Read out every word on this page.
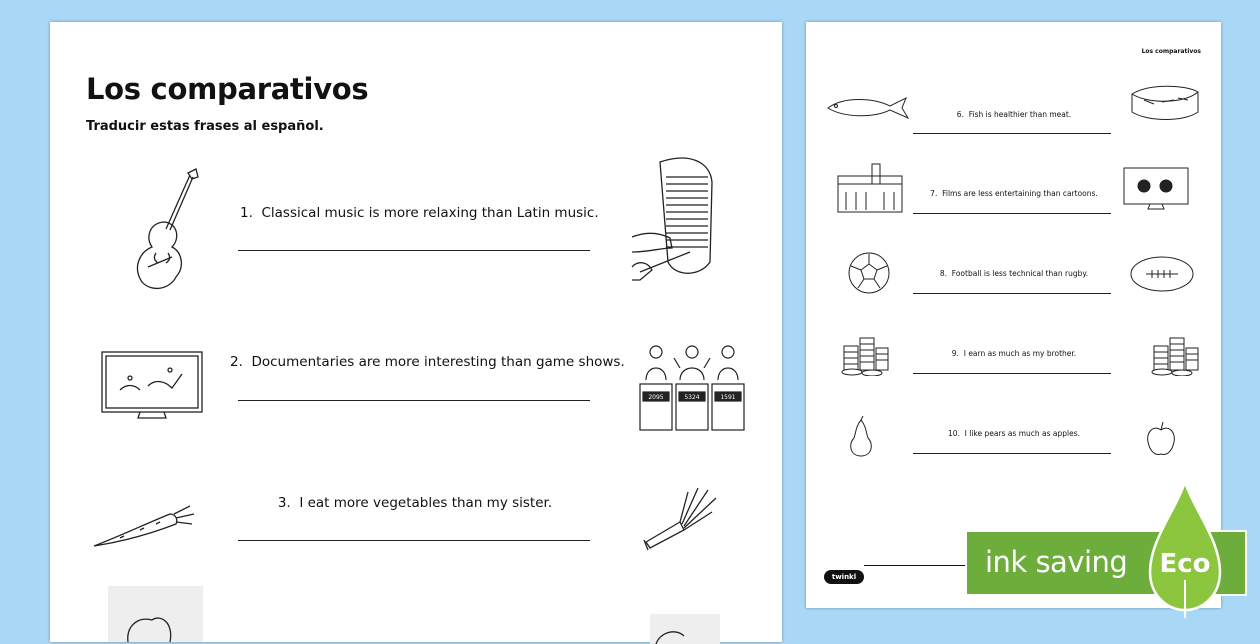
Los comparativos
Traducir estas frases al español.
1. Classical music is more relaxing than Latin music.
2. Documentaries are more interesting than game shows.
2095	5324	1591
3. I eat more vegetables than my sister.
Los comparativos
6. Fish is healthier than meat.
7. Films are less entertaining than cartoons.
8. Football is less technical than rugby.
9. I earn as much as my brother.
10. I like pears as much as apples.
twinkl	ink saving Eco
